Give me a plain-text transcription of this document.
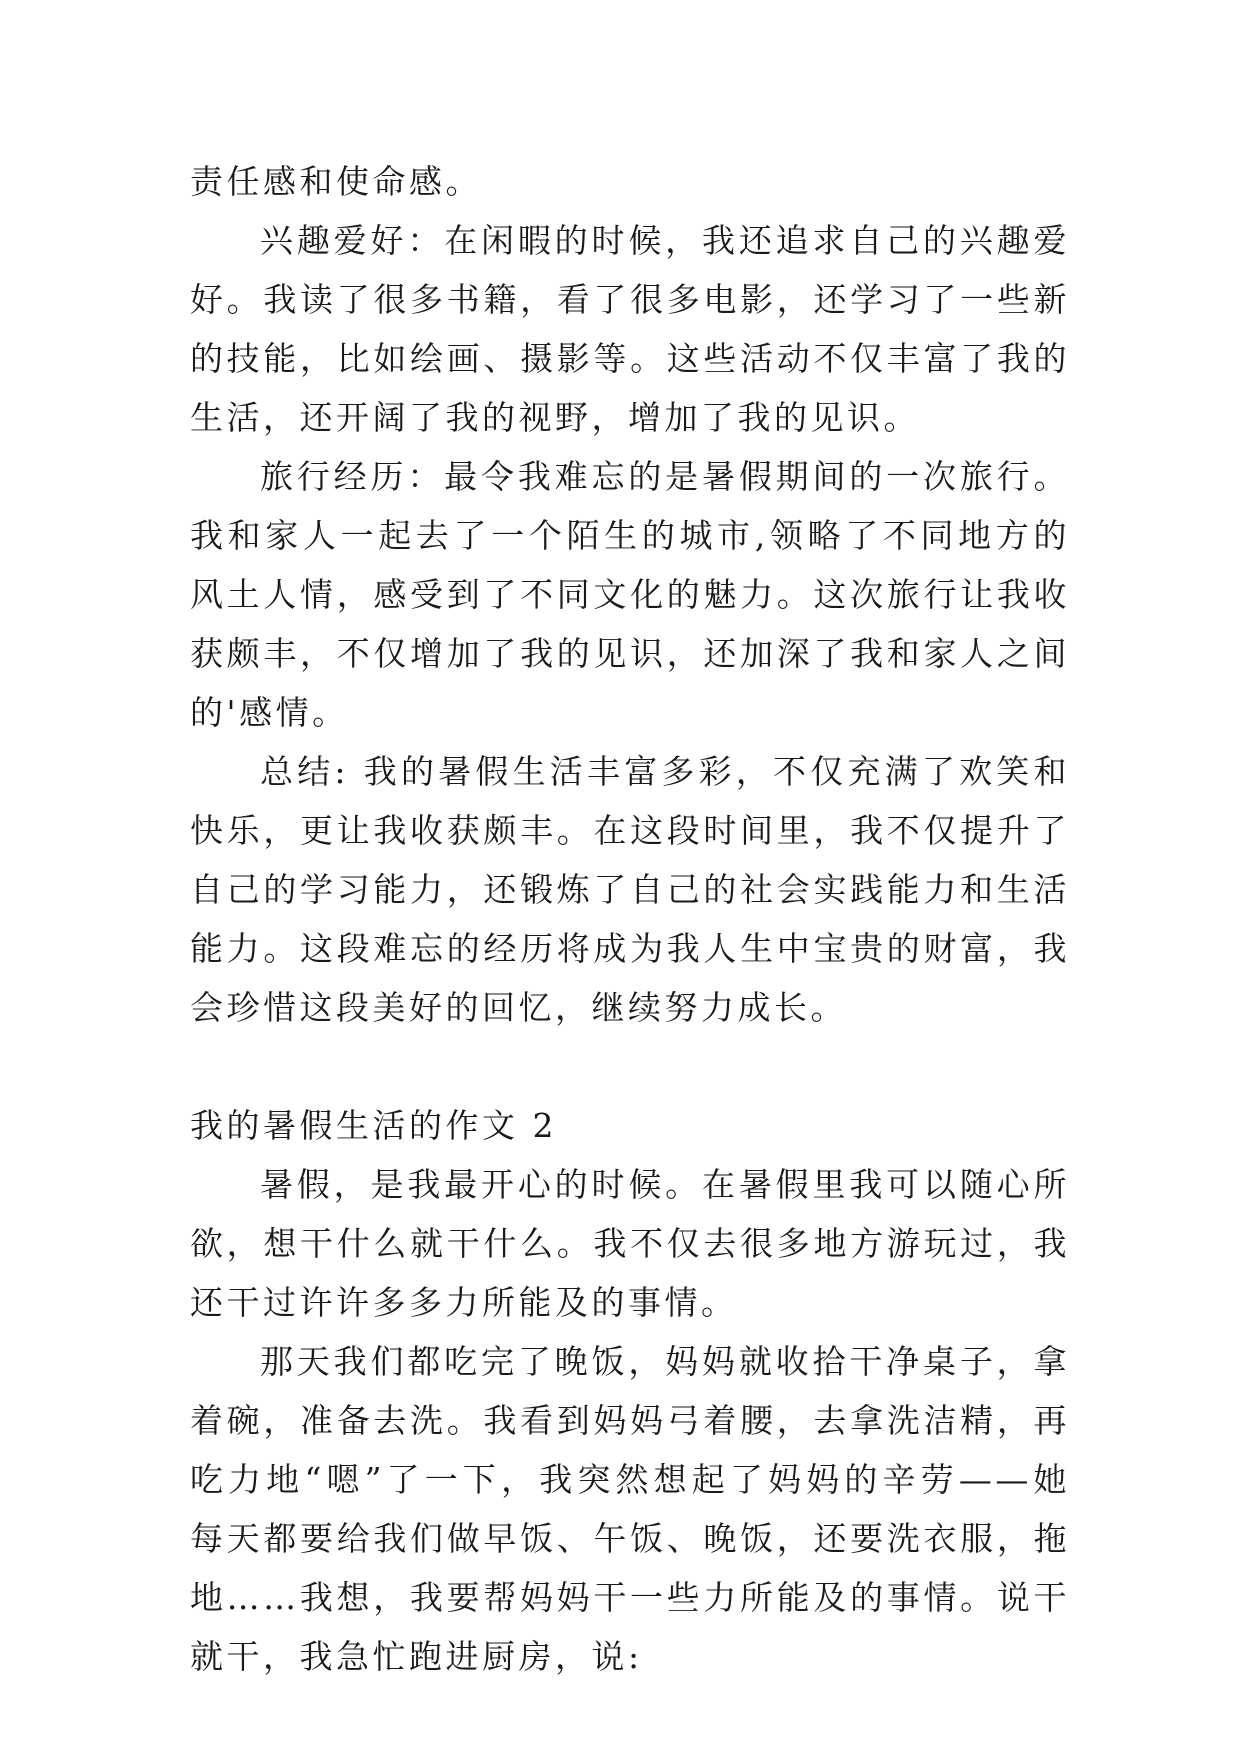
责任感和使命感。

兴趣爱好：在闲暇的时候，我还追求自己的兴趣爱好。我读了很多书籍，看了很多电影，还学习了一些新的技能，比如绘画、摄影等。这些活动不仅丰富了我的生活，还开阔了我的视野，增加了我的见识。

旅行经历：最令我难忘的是暑假期间的一次旅行。我和家人一起去了一个陌生的城市,领略了不同地方的风土人情，感受到了不同文化的魅力。这次旅行让我收获颇丰，不仅增加了我的见识，还加深了我和家人之间的'感情。

总结: 我的暑假生活丰富多彩，不仅充满了欢笑和快乐，更让我收获颇丰。在这段时间里，我不仅提升了自己的学习能力，还锻炼了自己的社会实践能力和生活能力。这段难忘的经历将成为我人生中宝贵的财富，我会珍惜这段美好的回忆，继续努力成长。

我的暑假生活的作文 2

暑假，是我最开心的时候。在暑假里我可以随心所欲，想干什么就干什么。我不仅去很多地方游玩过，我还干过许许多多力所能及的事情。

那天我们都吃完了晚饭，妈妈就收拾干净桌子，拿着碗，准备去洗。我看到妈妈弓着腰，去拿洗洁精，再吃力地“嗯”了一下，我突然想起了妈妈的辛劳——她每天都要给我们做早饭、午饭、晚饭，还要洗衣服，拖地……我想，我要帮妈妈干一些力所能及的事情。说干就干，我急忙跑进厨房，说:
